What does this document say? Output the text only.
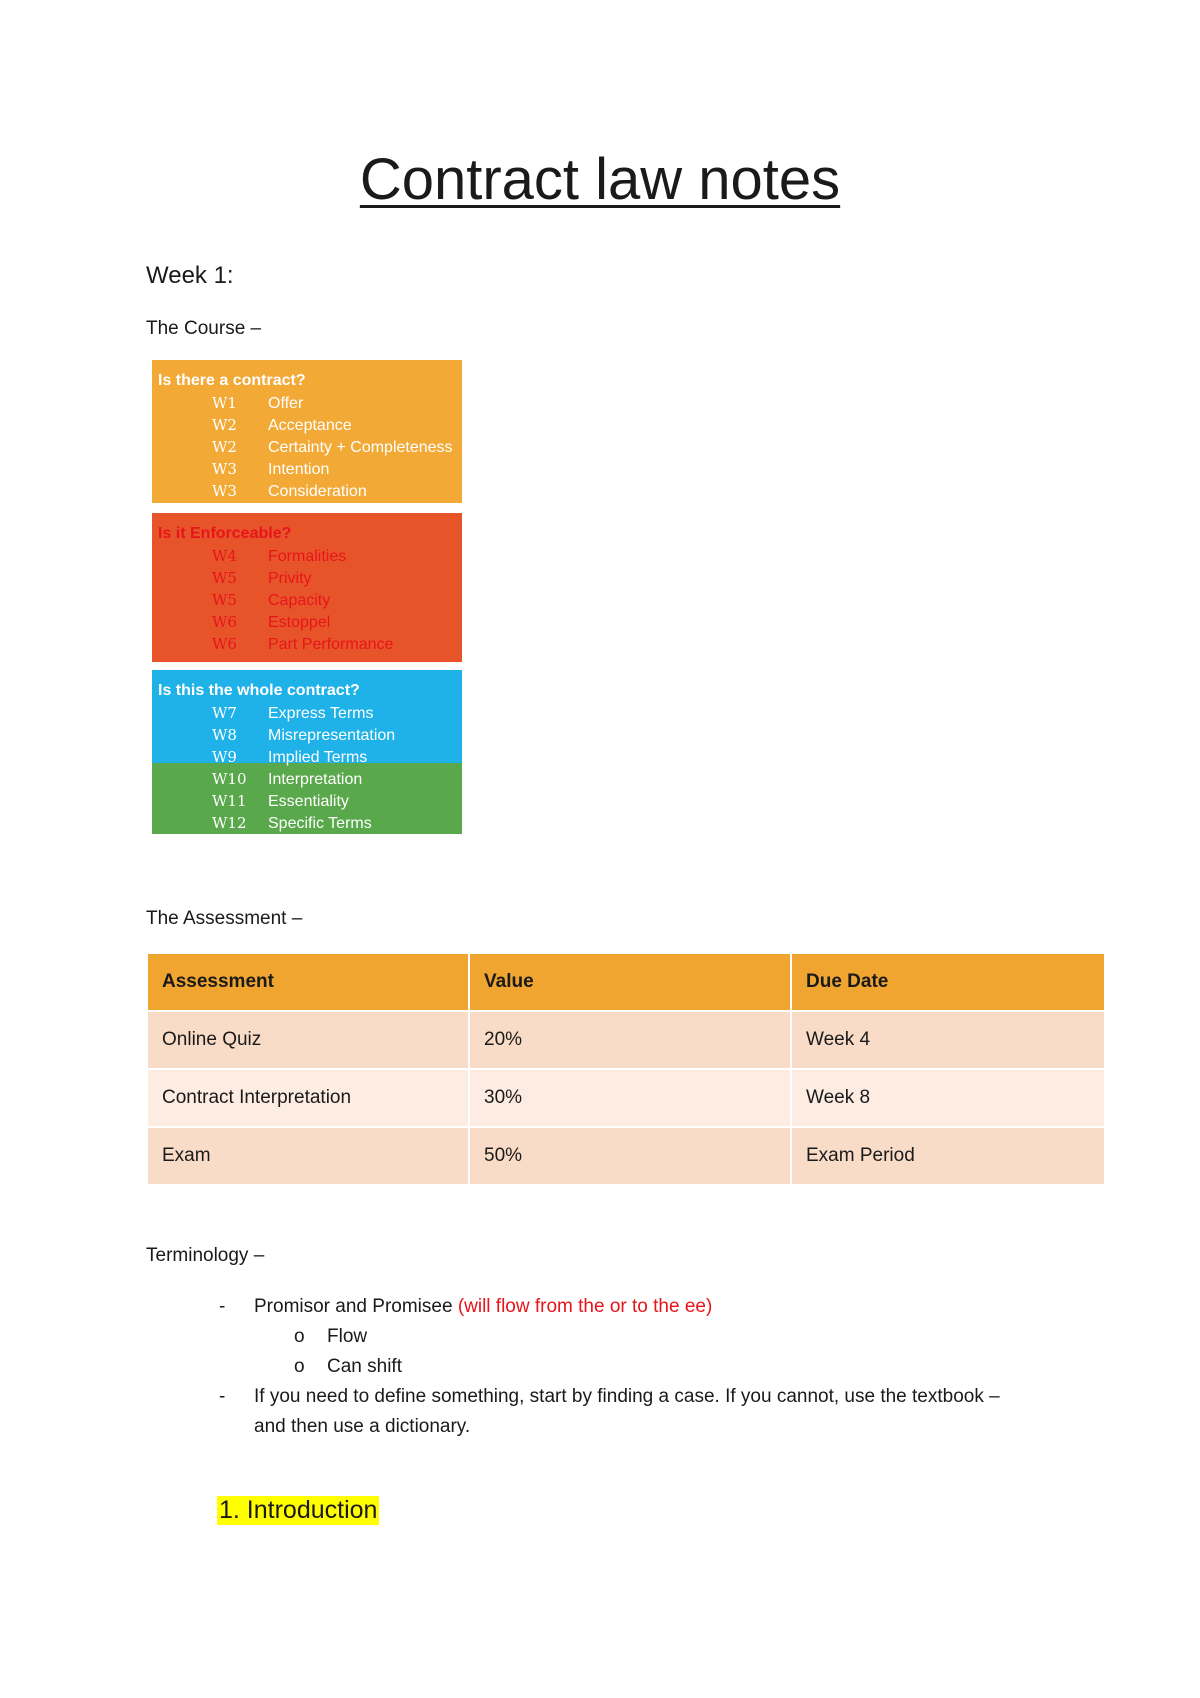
Contract law notes
Week 1:
The Course –
Is there a contract?
W1 Offer
W2 Acceptance
W2 Certainty + Completeness
W3 Intention
W3 Consideration
Is it Enforceable?
W4 Formalities
W5 Privity
W5 Capacity
W6 Estoppel
W6 Part Performance
Is this the whole contract?
W7 Express Terms
W8 Misrepresentation
W9 Implied Terms
W10 Interpretation
W11 Essentiality
W12 Specific Terms
The Assessment –
Assessment	Value	Due Date
Online Quiz	20%	Week 4
Contract Interpretation	30%	Week 8
Exam	50%	Exam Period
Terminology –
- Promisor and Promisee (will flow from the or to the ee)
o Flow
o Can shift
- If you need to define something, start by finding a case. If you cannot, use the textbook –
and then use a dictionary.
1. Introduction
